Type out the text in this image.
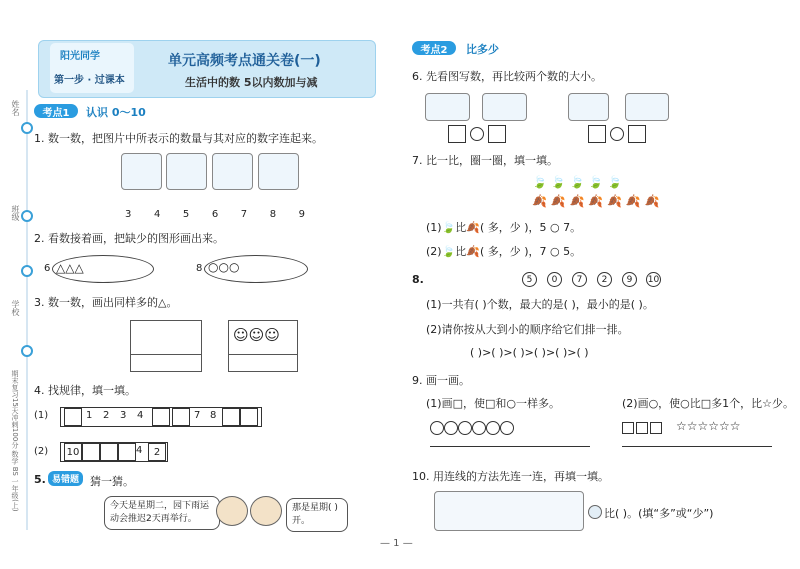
姓名
班级
学校
期末复习15天冲刺100分 数学 BS 一年级(上)
阳光同学
第一步 · 过课本
单元高频考点通关卷(一)
生活中的数 5以内数加与减
考点1	认识 0～10
1. 数一数，把图片中所表示的数量与其对应的数字连起来。
3 4 5 6 7 8 9
2. 看数接着画，把缺少的图形画出来。
6 △△△	8 ○○○
3. 数一数，画出同样多的△。
☺☺☺
4. 找规律，填一填。
(1)	1 2 3 4	7 8
(2) 10	4	2
5. 易错题 猜一猜。
今天是星期二，园下雨运动会推迟2天再举行。
那是星期( )开。
考点2	比多少
6. 先看图写数，再比较两个数的大小。
7. 比一比，圈一圈，填一填。
🍃 🍃 🍃 🍃 🍃
🍂 🍂 🍂 🍂 🍂 🍂 🍂
(1)🍃比🍂( 多，少 )，5 ○ 7。
(2)🍃比🍂( 多，少 )，7 ○ 5。
8.	5	0	7	2	9	10
(1)一共有( )个数，最大的是( )，最小的是( )。
(2)请你按从大到小的顺序给它们排一排。
( )>( )>( )>( )>( )>( )
9. 画一画。
(1)画□，使□和○一样多。	(2)画○，使○比□多1个，比☆少。
☆☆☆☆☆☆
10. 用连线的方法先连一连，再填一填。
比( )。(填“多”或“少”)
— 1 —
